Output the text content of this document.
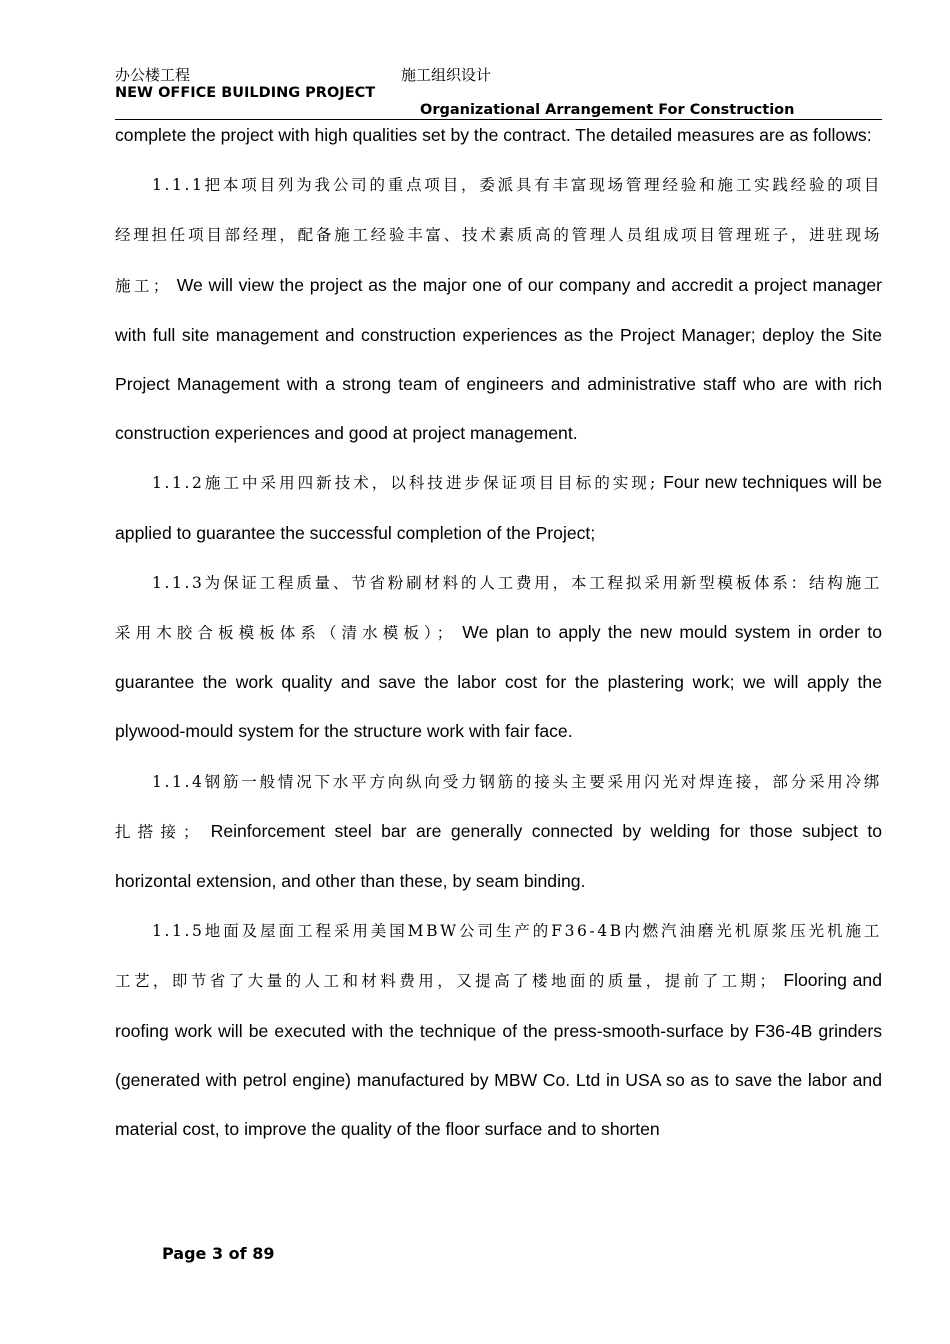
办公楼工程	施工组织设计
NEW OFFICE BUILDING PROJECT
Organizational Arrangement For Construction

complete the project with high qualities set by the contract. The detailed measures are as follows:

1.1.1把本项目列为我公司的重点项目，委派具有丰富现场管理经验和施工实践经验的项目经理担任项目部经理，配备施工经验丰富、技术素质高的管理人员组成项目管理班子，进驻现场施工； We will view the project as the major one of our company and accredit a project manager with full site management and construction experiences as the Project Manager; deploy the Site Project Management with a strong team of engineers and administrative staff who are with rich construction experiences and good at project management.

1.1.2施工中采用四新技术，以科技进步保证项目目标的实现; Four new techniques will be applied to guarantee the successful completion of the Project;

1.1.3为保证工程质量、节省粉刷材料的人工费用，本工程拟采用新型模板体系：结构施工采用木胶合板模板体系（清水模板）； We plan to apply the new mould system in order to guarantee the work quality and save the labor cost for the plastering work; we will apply the plywood-mould system for the structure work with fair face.

1.1.4钢筋一般情况下水平方向纵向受力钢筋的接头主要采用闪光对焊连接，部分采用冷绑扎搭接； Reinforcement steel bar are generally connected by welding for those subject to horizontal extension, and other than these, by seam binding.

1.1.5地面及屋面工程采用美国MBW公司生产的F36-4B内燃汽油磨光机原浆压光机施工工艺，即节省了大量的人工和材料费用，又提高了楼地面的质量，提前了工期； Flooring and roofing work will be executed with the technique of the press-smooth-surface by F36-4B grinders (generated with petrol engine) manufactured by MBW Co. Ltd in USA so as to save the labor and material cost, to improve the quality of the floor surface and to shorten

Page 3 of 89
